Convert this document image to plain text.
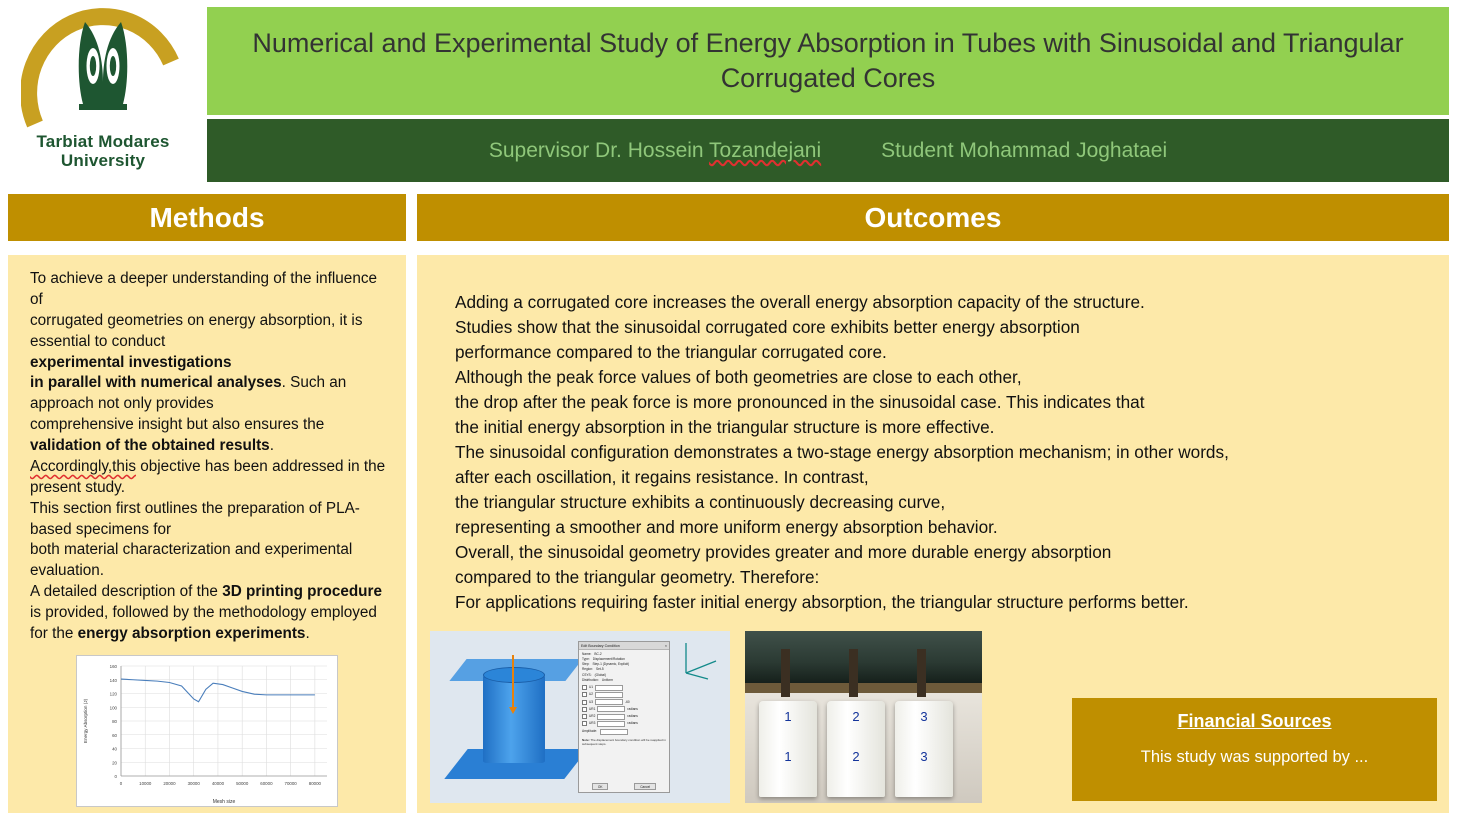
Tarbiat Modares
University
Numerical and Experimental Study of Energy Absorption in Tubes with Sinusoidal and Triangular Corrugated Cores
Supervisor Dr. Hossein Tozandejani	Student Mohammad Joghataei
Methods	Outcomes
To achieve a deeper understanding of the influence of
corrugated geometries on energy absorption, it is essential to conduct
experimental investigations
in parallel with numerical analyses. Such an approach not only provides
comprehensive insight but also ensures the
validation of the obtained results.
Accordingly,this objective has been addressed in the present study.
This section first outlines the preparation of PLA-based specimens for
both material characterization and experimental evaluation.
A detailed description of the 3D printing procedure is provided, followed by the methodology employed
for the energy absorption experiments.
0
20
40
60
80
100
120
140
160
0	10000	20000	30000	40000	50000	60000	70000	80000
Energy Absorption (J)
Mesh size
Adding a corrugated core increases the overall energy absorption capacity of the structure.
Studies show that the sinusoidal corrugated core exhibits better energy absorption
performance compared to the triangular corrugated core.
Although the peak force values of both geometries are close to each other,
the drop after the peak force is more pronounced in the sinusoidal case. This indicates that
the initial energy absorption in the triangular structure is more effective.
The sinusoidal configuration demonstrates a two-stage energy absorption mechanism; in other words,
after each oscillation, it regains resistance. In contrast,
the triangular structure exhibits a continuously decreasing curve,
representing a smoother and more uniform energy absorption behavior.
Overall, the sinusoidal geometry provides greater and more durable energy absorption
compared to the triangular geometry. Therefore:
For applications requiring faster initial energy absorption, the triangular structure performs better.
Edit Boundary Condition	×
Name: BC-2
Type: Displacement/Rotation
Step: Step-1 (Dynamic, Explicit)
Region: Set-5
CSYS: (Global)
Distribution: Uniform
U1
U2
U3	-60
UR1	radians
UR2	radians
UR3	radians
Amplitude:
Note: The displacement boundary condition will be reapplied in subsequent steps.
OK	Cancel
1
1
2
2
3
3
Financial Sources
This study was supported by ...
